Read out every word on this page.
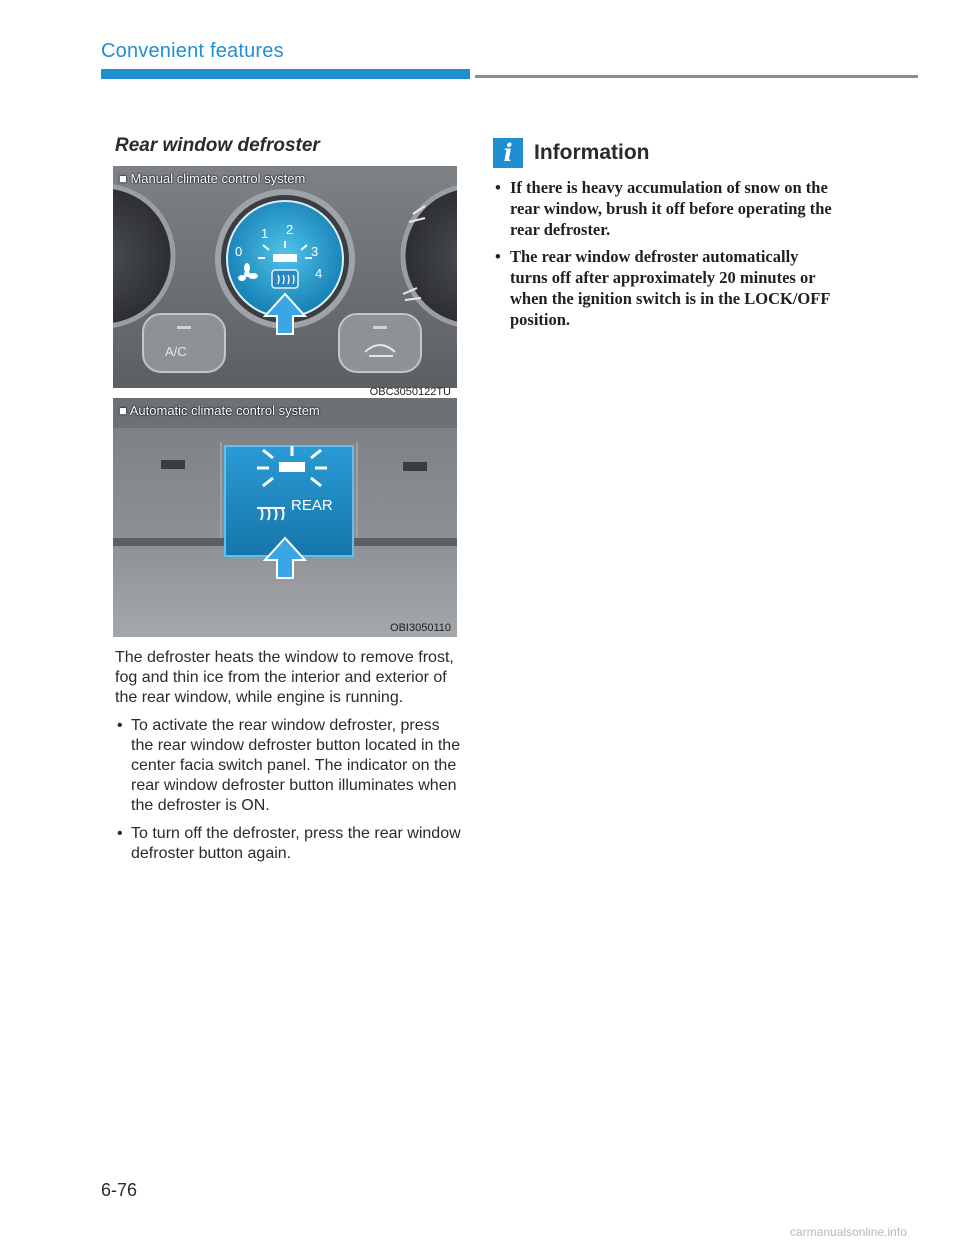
Convenient features
Rear window defroster
0
1 2
3
4
A/C
■ Manual climate control system
OBC3050122TU
REAR
■ Automatic climate control system
OBI3050110

The defroster heats the window to remove frost, fog and thin ice from the interior and exterior of the rear window, while engine is running.

• To activate the rear window defroster, press the rear window defroster button located in the center facia switch panel. The indicator on the rear window defroster button illuminates when the defroster is ON.
• To turn off the defroster, press the rear window defroster button again.
i	Information
• If there is heavy accumulation of snow on the rear window, brush it off before operating the rear defroster.
• The rear window defroster automatically turns off after approximately 20 minutes or when the ignition switch is in the LOCK/OFF position.
6-76
carmanualsonline.info
